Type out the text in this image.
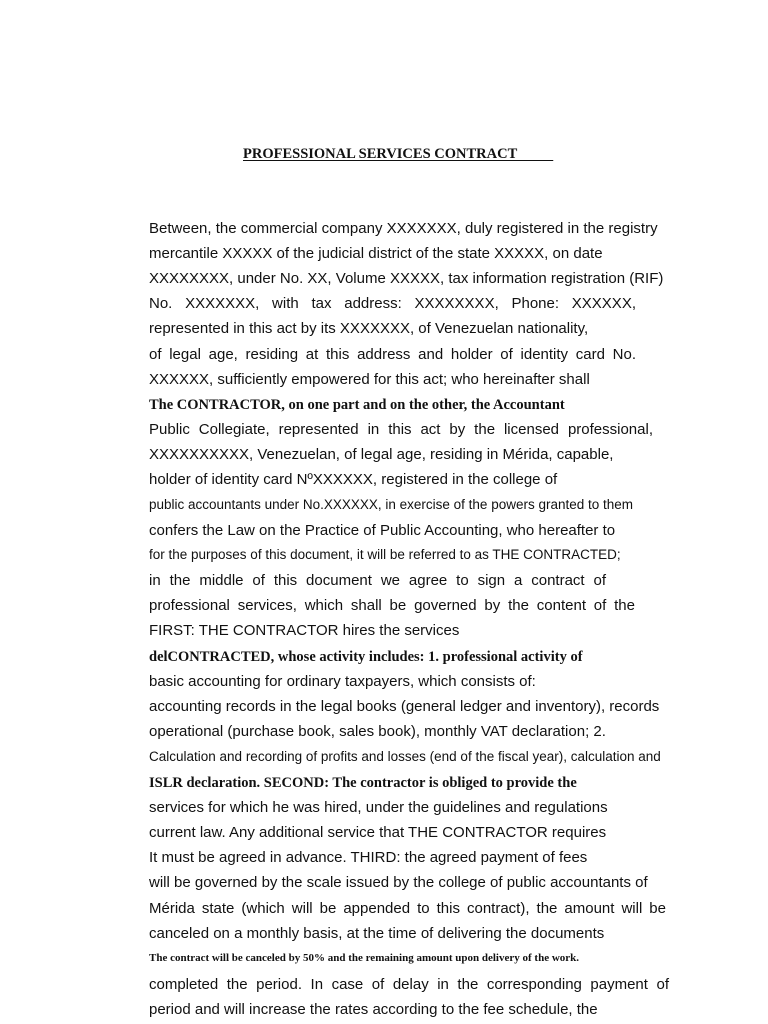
PROFESSIONAL SERVICES CONTRACT

Between, the commercial company XXXXXXX, duly registered in the registry

mercantile XXXXX of the judicial district of the state XXXXX, on date

XXXXXXXX, under No. XX, Volume XXXXX, tax information registration (RIF)

No. XXXXXXX, with tax address: XXXXXXXX, Phone: XXXXXX,

represented in this act by its XXXXXXX, of Venezuelan nationality,

of legal age, residing at this address and holder of identity card No.

XXXXXX, sufficiently empowered for this act; who hereinafter shall

The CONTRACTOR, on one part and on the other, the Accountant

Public Collegiate, represented in this act by the licensed professional,

XXXXXXXXXX, Venezuelan, of legal age, residing in Mérida, capable,

holder of identity card NºXXXXXX, registered in the college of

public accountants under No.XXXXXX, in exercise of the powers granted to them

confers the Law on the Practice of Public Accounting, who hereafter to

for the purposes of this document, it will be referred to as THE CONTRACTED;

in the middle of this document we agree to sign a contract of

professional services, which shall be governed by the content of the

FIRST: THE CONTRACTOR hires the services

delCONTRACTED, whose activity includes: 1. professional activity of

basic accounting for ordinary taxpayers, which consists of:

accounting records in the legal books (general ledger and inventory), records

operational (purchase book, sales book), monthly VAT declaration; 2.

Calculation and recording of profits and losses (end of the fiscal year), calculation and

ISLR declaration. SECOND: The contractor is obliged to provide the

services for which he was hired, under the guidelines and regulations

current law. Any additional service that THE CONTRACTOR requires

It must be agreed in advance. THIRD: the agreed payment of fees

will be governed by the scale issued by the college of public accountants of

Mérida state (which will be appended to this contract), the amount will be

canceled on a monthly basis, at the time of delivering the documents

The contract will be canceled by 50% and the remaining amount upon delivery of the work.

completed the period. In case of delay in the corresponding payment of

period and will increase the rates according to the fee schedule, the
